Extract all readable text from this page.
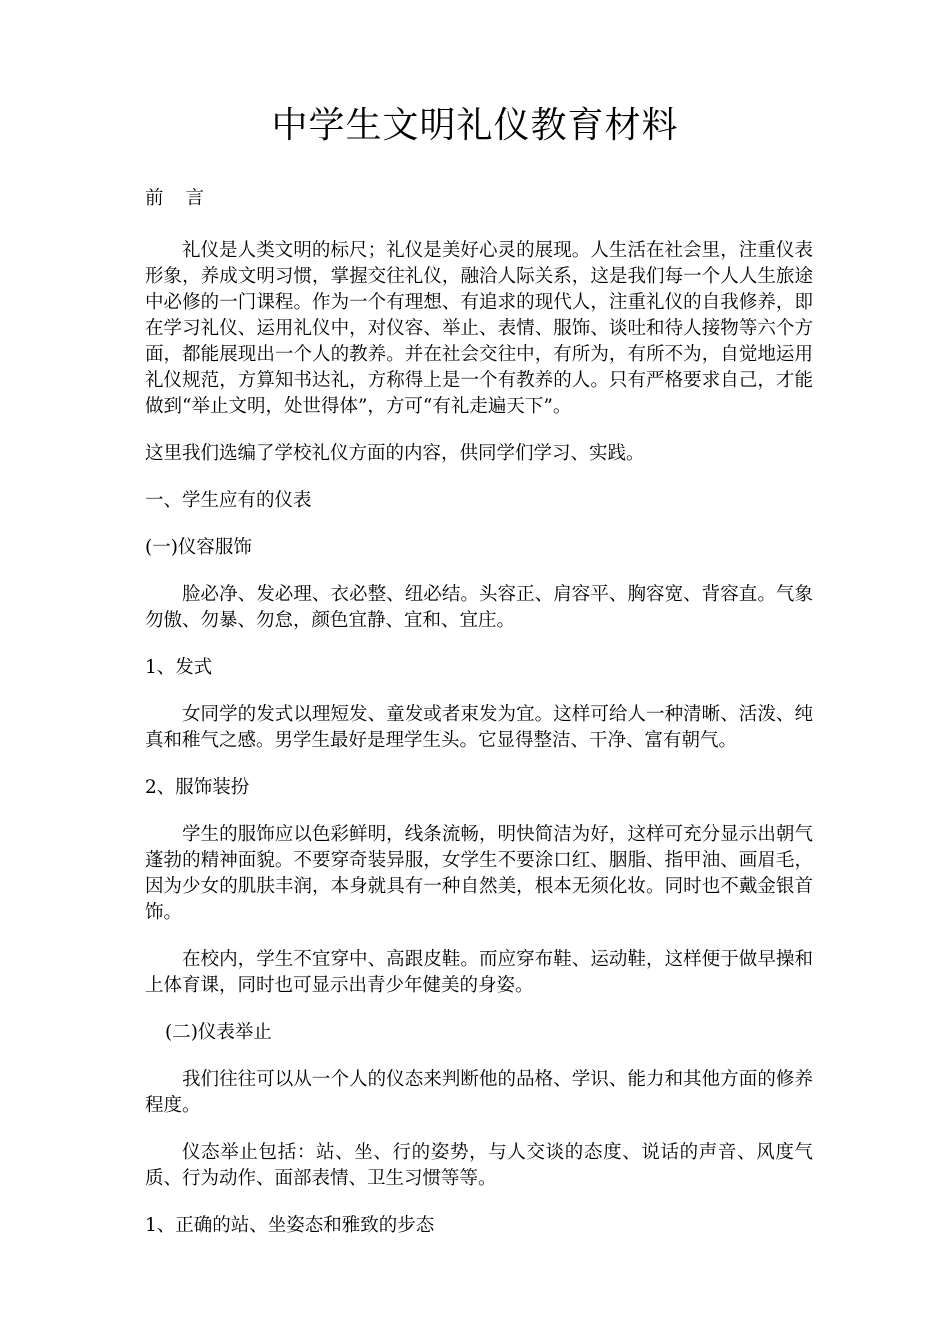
中学生文明礼仪教育材料

前 言

礼仪是人类文明的标尺；礼仪是美好心灵的展现。人生活在社会里，注重仪表形象，养成文明习惯，掌握交往礼仪，融洽人际关系，这是我们每一个人人生旅途中必修的一门课程。作为一个有理想、有追求的现代人，注重礼仪的自我修养，即在学习礼仪、运用礼仪中，对仪容、举止、表情、服饰、谈吐和待人接物等六个方面，都能展现出一个人的教养。并在社会交往中，有所为，有所不为，自觉地运用礼仪规范，方算知书达礼，方称得上是一个有教养的人。只有严格要求自己，才能做到“举止文明，处世得体”，方可“有礼走遍天下”。

这里我们选编了学校礼仪方面的内容，供同学们学习、实践。

一、学生应有的仪表

(一)仪容服饰

脸必净、发必理、衣必整、纽必结。头容正、肩容平、胸容宽、背容直。气象勿傲、勿暴、勿怠，颜色宜静、宜和、宜庄。

1、发式

女同学的发式以理短发、童发或者束发为宜。这样可给人一种清晰、活泼、纯真和稚气之感。男学生最好是理学生头。它显得整洁、干净、富有朝气。

2、服饰装扮

学生的服饰应以色彩鲜明，线条流畅，明快简洁为好，这样可充分显示出朝气蓬勃的精神面貌。不要穿奇装异服，女学生不要涂口红、胭脂、指甲油、画眉毛，因为少女的肌肤丰润，本身就具有一种自然美，根本无须化妆。同时也不戴金银首饰。

在校内，学生不宜穿中、高跟皮鞋。而应穿布鞋、运动鞋，这样便于做早操和上体育课，同时也可显示出青少年健美的身姿。

(二)仪表举止

我们往往可以从一个人的仪态来判断他的品格、学识、能力和其他方面的修养程度。

仪态举止包括：站、坐、行的姿势，与人交谈的态度、说话的声音、风度气质、行为动作、面部表情、卫生习惯等等。

1、正确的站、坐姿态和雅致的步态
